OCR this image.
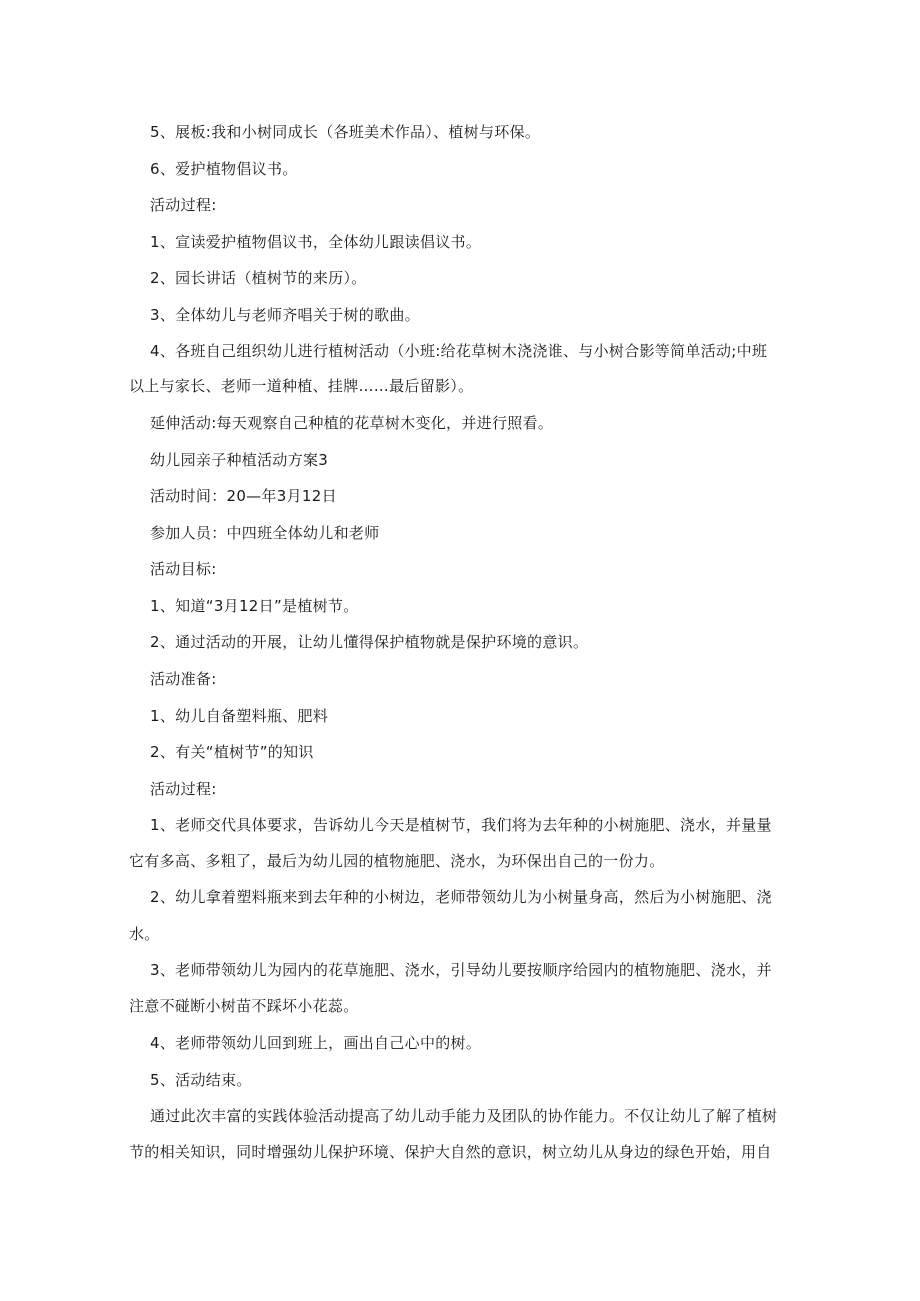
5、展板:我和小树同成长（各班美术作品）、植树与环保。
6、爱护植物倡议书。
活动过程:
1、宣读爱护植物倡议书，全体幼儿跟读倡议书。
2、园长讲话（植树节的来历）。
3、全体幼儿与老师齐唱关于树的歌曲。
4、各班自己组织幼儿进行植树活动（小班:给花草树木浇浇谁、与小树合影等简单活动;中班
以上与家长、老师一道种植、挂牌……最后留影）。
延伸活动:每天观察自己种植的花草树木变化，并进行照看。
幼儿园亲子种植活动方案3
活动时间：20—年3月12日
参加人员：中四班全体幼儿和老师
活动目标:
1、知道“3月12日”是植树节。
2、通过活动的开展，让幼儿懂得保护植物就是保护环境的意识。
活动准备:
1、幼儿自备塑料瓶、肥料
2、有关“植树节”的知识
活动过程:
1、老师交代具体要求，告诉幼儿今天是植树节，我们将为去年种的小树施肥、浇水，并量量
它有多高、多粗了，最后为幼儿园的植物施肥、浇水，为环保出自己的一份力。
2、幼儿拿着塑料瓶来到去年种的小树边，老师带领幼儿为小树量身高，然后为小树施肥、浇
水。
3、老师带领幼儿为园内的花草施肥、浇水，引导幼儿要按顺序给园内的植物施肥、浇水，并
注意不碰断小树苗不踩坏小花蕊。
4、老师带领幼儿回到班上，画出自己心中的树。
5、活动结束。
通过此次丰富的实践体验活动提高了幼儿动手能力及团队的协作能力。不仅让幼儿了解了植树
节的相关知识，同时增强幼儿保护环境、保护大自然的意识，树立幼儿从身边的绿色开始，用自
